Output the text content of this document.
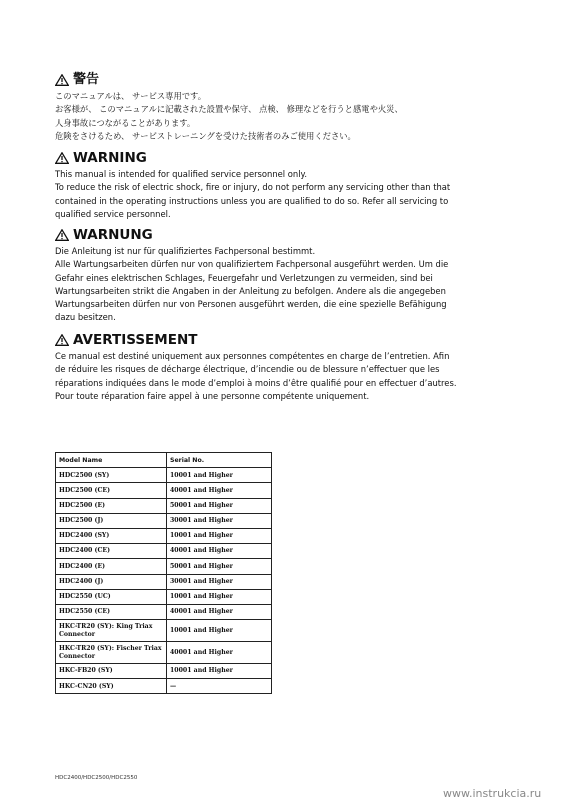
警告

このマニュアルは、 サービス専用です。

お客様が、 このマニュアルに記載された設置や保守、 点検、 修理などを行うと感電や火災、

人身事故につながることがあります。

危険をさけるため、 サービストレーニングを受けた技術者のみご使用ください。

WARNING

This manual is intended for qualified service personnel only.

To reduce the risk of electric shock, fire or injury, do not perform any servicing other than that

contained in the operating instructions unless you are qualified to do so. Refer all servicing to

qualified service personnel.

WARNUNG

Die Anleitung ist nur für qualifiziertes Fachpersonal bestimmt.

Alle Wartungsarbeiten dürfen nur von qualifiziertem Fachpersonal ausgeführt werden. Um die

Gefahr eines elektrischen Schlages, Feuergefahr und Verletzungen zu vermeiden, sind bei

Wartungsarbeiten strikt die Angaben in der Anleitung zu befolgen. Andere als die angegeben

Wartungsarbeiten dürfen nur von Personen ausgeführt werden, die eine spezielle Befähigung

dazu besitzen.

AVERTISSEMENT

Ce manual est destiné uniquement aux personnes compétentes en charge de l’entretien. Afin

de réduire les risques de décharge électrique, d’incendie ou de blessure n’effectuer que les

réparations indiquées dans le mode d’emploi à moins d’être qualifié pour en effectuer d’autres.

Pour toute réparation faire appel à une personne compétente uniquement.

Model Name	Serial No.
HDC2500 (SY)	10001 and Higher
HDC2500 (CE)	40001 and Higher
HDC2500 (E)	50001 and Higher
HDC2500 (J)	30001 and Higher
HDC2400 (SY)	10001 and Higher
HDC2400 (CE)	40001 and Higher
HDC2400 (E)	50001 and Higher
HDC2400 (J)	30001 and Higher
HDC2550 (UC)	10001 and Higher
HDC2550 (CE)	40001 and Higher
HKC-TR20 (SY): King Triax Connector	10001 and Higher
HKC-TR20 (SY): Fischer Triax Connector	40001 and Higher
HKC-FB20 (SY)	10001 and Higher
HKC-CN20 (SY)	—
HDC2400/HDC2500/HDC2550
www.instrukcia.ru
